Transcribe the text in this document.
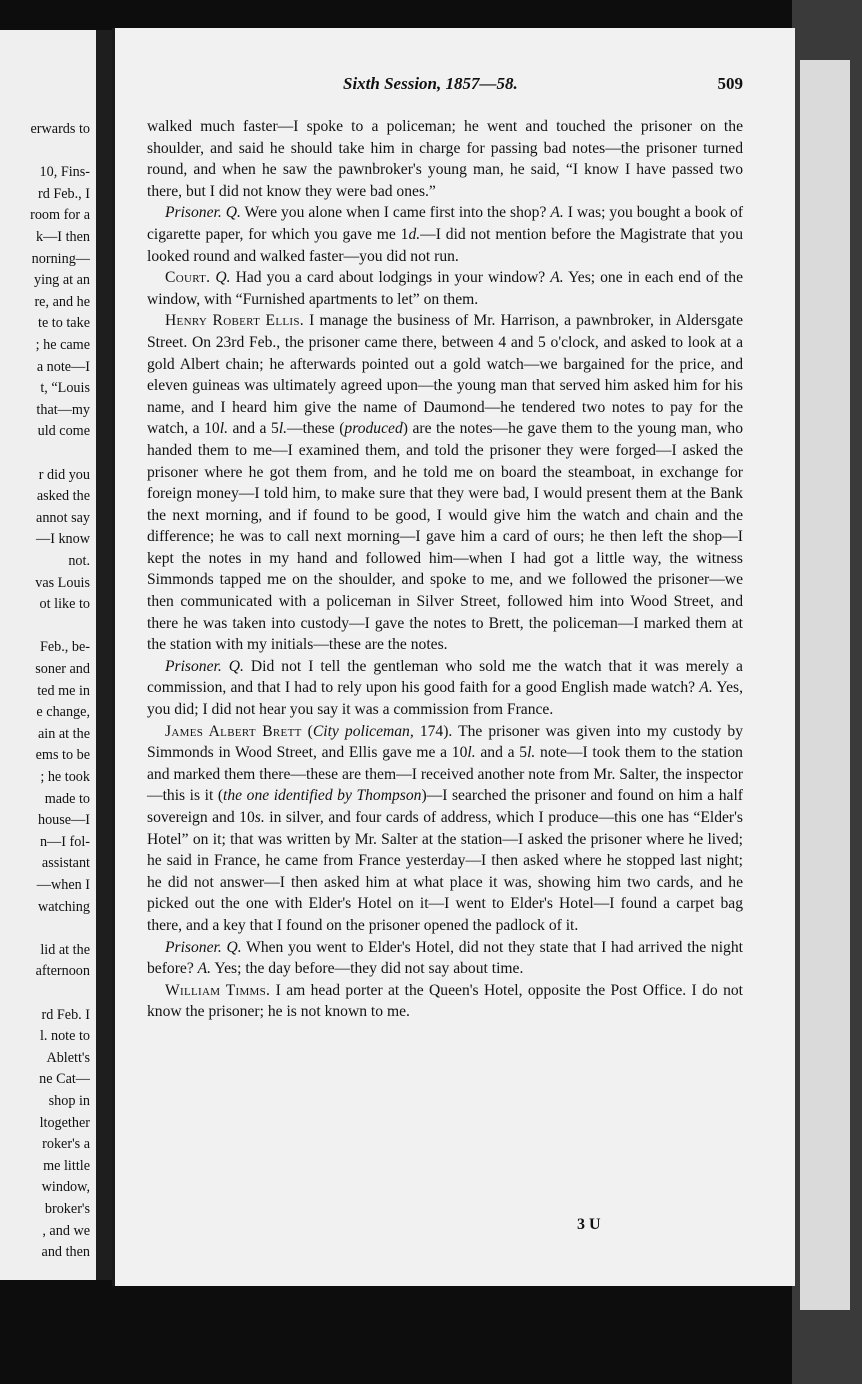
erwards to
10, Fins-
rd Feb., I
room for a
k—I then
norning—
ying at an
re, and he
te to take
; he came
a note—I
t, “Louis
that—my
uld come
r did you
asked the
annot say
—I know
not.
vas Louis
ot like to
Feb., be-
soner and
ted me in
e change,
ain at the
ems to be
; he took
made to
house—I
n—I fol-
assistant
—when I
watching
lid at the
afternoon
rd Feb. I
l. note to
Ablett's
ne Cat—
shop in
ltogether
roker's a
me little
window,
broker's
, and we
and then
Sixth Session, 1857—58.	509

walked much faster—I spoke to a policeman; he went and touched the prisoner on the shoulder, and said he should take him in charge for passing bad notes—the prisoner turned round, and when he saw the pawnbroker's young man, he said, “I know I have passed two there, but I did not know they were bad ones.”

Prisoner. Q. Were you alone when I came first into the shop? A. I was; you bought a book of cigarette paper, for which you gave me 1d.—I did not mention before the Magistrate that you looked round and walked faster—you did not run.

Court. Q. Had you a card about lodgings in your window? A. Yes; one in each end of the window, with “Furnished apartments to let” on them.

Henry Robert Ellis. I manage the business of Mr. Harrison, a pawnbroker, in Aldersgate Street. On 23rd Feb., the prisoner came there, between 4 and 5 o'clock, and asked to look at a gold Albert chain; he afterwards pointed out a gold watch—we bargained for the price, and eleven guineas was ultimately agreed upon—the young man that served him asked him for his name, and I heard him give the name of Daumond—he tendered two notes to pay for the watch, a 10l. and a 5l.—these (produced) are the notes—he gave them to the young man, who handed them to me—I examined them, and told the prisoner they were forged—I asked the prisoner where he got them from, and he told me on board the steamboat, in exchange for foreign money—I told him, to make sure that they were bad, I would present them at the Bank the next morning, and if found to be good, I would give him the watch and chain and the difference; he was to call next morning—I gave him a card of ours; he then left the shop—I kept the notes in my hand and followed him—when I had got a little way, the witness Simmonds tapped me on the shoulder, and spoke to me, and we followed the prisoner—we then communicated with a policeman in Silver Street, followed him into Wood Street, and there he was taken into custody—I gave the notes to Brett, the policeman—I marked them at the station with my initials—these are the notes.

Prisoner. Q. Did not I tell the gentleman who sold me the watch that it was merely a commission, and that I had to rely upon his good faith for a good English made watch? A. Yes, you did; I did not hear you say it was a commission from France.

James Albert Brett (City policeman, 174). The prisoner was given into my custody by Simmonds in Wood Street, and Ellis gave me a 10l. and a 5l. note—I took them to the station and marked them there—these are them—I received another note from Mr. Salter, the inspector—this is it (the one identified by Thompson)—I searched the prisoner and found on him a half sovereign and 10s. in silver, and four cards of address, which I produce—this one has “Elder's Hotel” on it; that was written by Mr. Salter at the station—I asked the prisoner where he lived; he said in France, he came from France yesterday—I then asked where he stopped last night; he did not answer—I then asked him at what place it was, showing him two cards, and he picked out the one with Elder's Hotel on it—I went to Elder's Hotel—I found a carpet bag there, and a key that I found on the prisoner opened the padlock of it.

Prisoner. Q. When you went to Elder's Hotel, did not they state that I had arrived the night before? A. Yes; the day before—they did not say about time.

William Timms. I am head porter at the Queen's Hotel, opposite the Post Office. I do not know the prisoner; he is not known to me.

3 U
